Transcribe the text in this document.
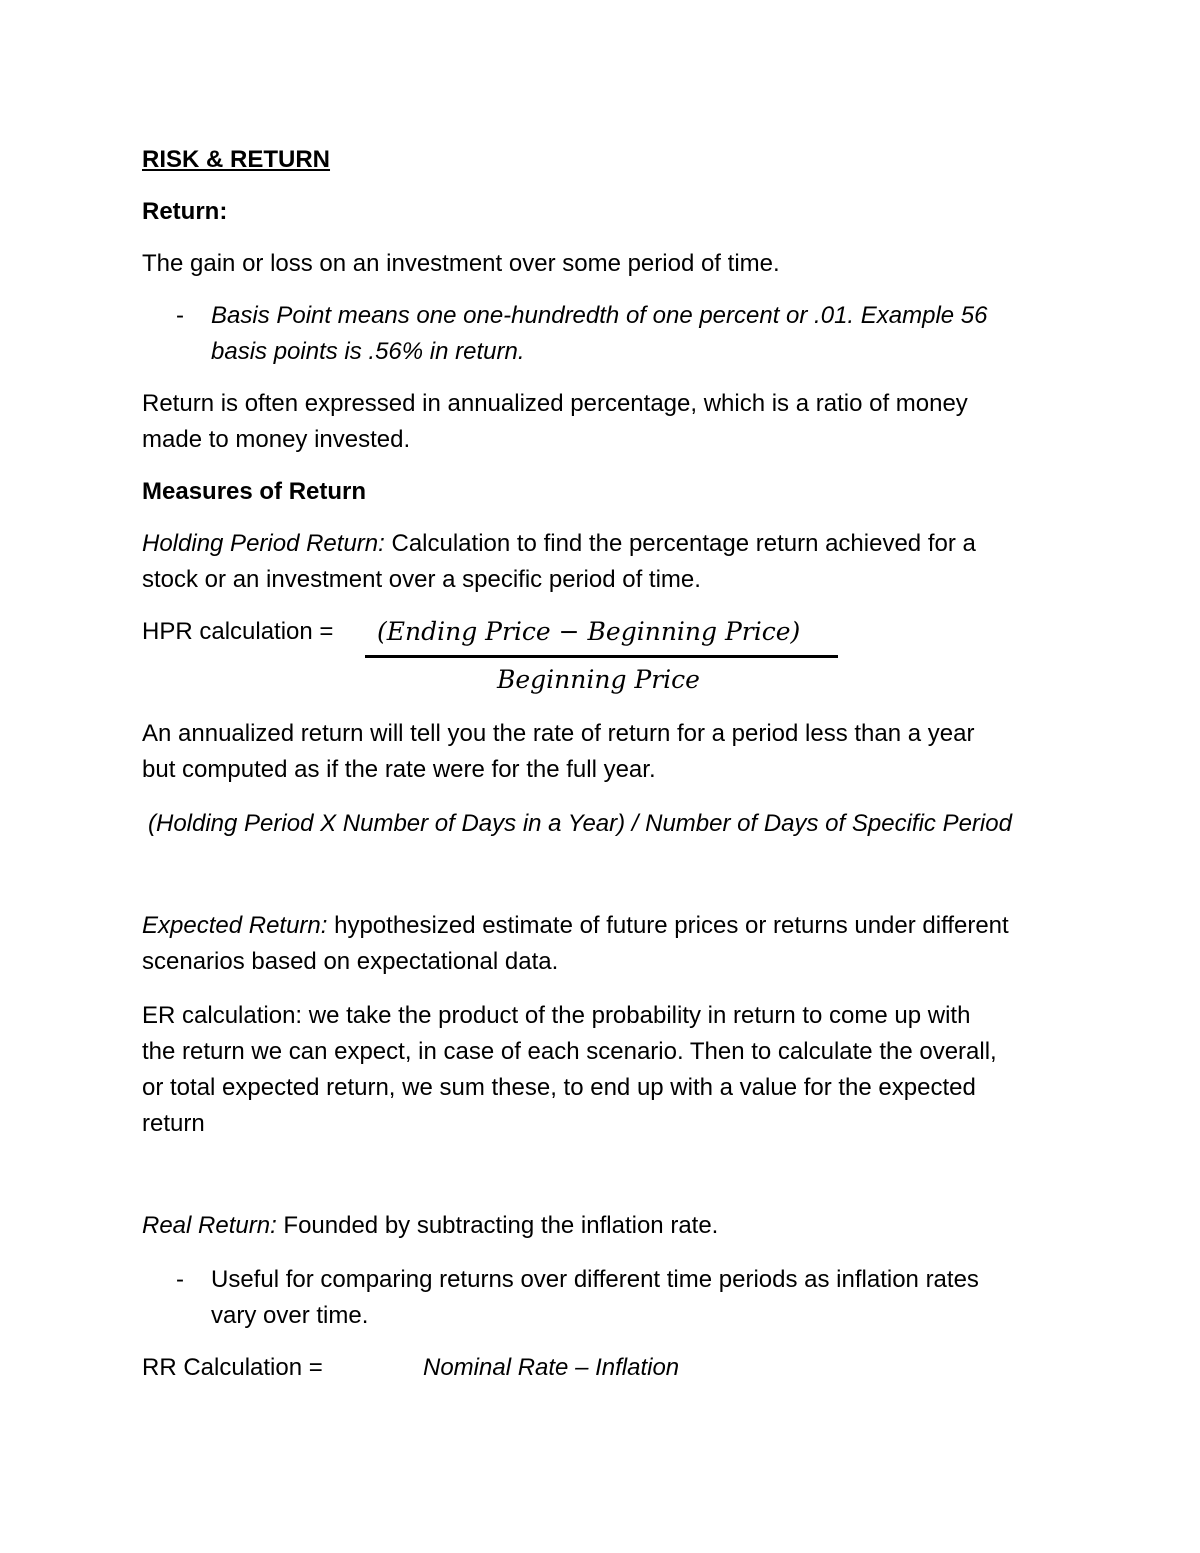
RISK & RETURN
Return:
The gain or loss on an investment over some period of time.
- Basis Point means one one-hundredth of one percent or .01. Example 56
basis points is .56% in return.
Return is often expressed in annualized percentage, which is a ratio of money
made to money invested.
Measures of Return
Holding Period Return: Calculation to find the percentage return achieved for a
stock or an investment over a specific period of time.
HPR calculation = (Ending Price − Beginning Price)
Beginning Price
An annualized return will tell you the rate of return for a period less than a year
but computed as if the rate were for the full year.
(Holding Period X Number of Days in a Year) / Number of Days of Specific Period
Expected Return: hypothesized estimate of future prices or returns under different
scenarios based on expectational data.
ER calculation: we take the product of the probability in return to come up with
the return we can expect, in case of each scenario. Then to calculate the overall,
or total expected return, we sum these, to end up with a value for the expected
return
Real Return: Founded by subtracting the inflation rate.
- Useful for comparing returns over different time periods as inflation rates
vary over time.
RR Calculation =	Nominal Rate – Inflation
